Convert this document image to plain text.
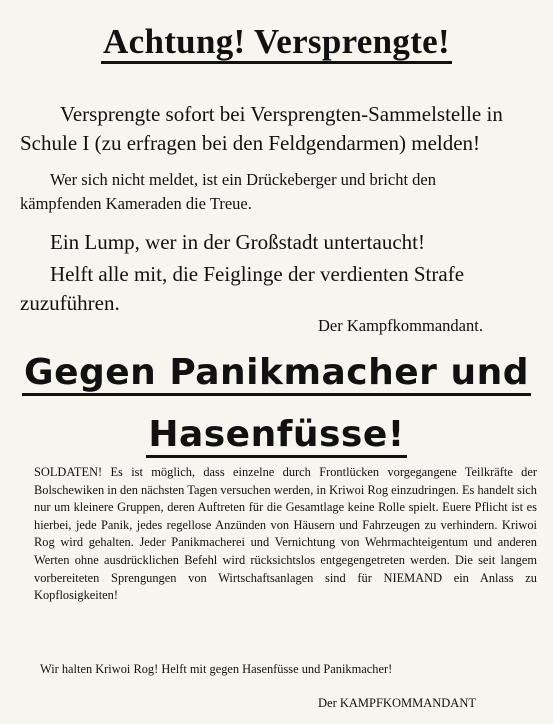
Achtung! Versprengte!
Versprengte sofort bei Versprengten-Sammelstelle in
Schule I (zu erfragen bei den Feldgendarmen) melden!
Wer sich nicht meldet, ist ein Drückeberger und bricht den
kämpfenden Kameraden die Treue.
Ein Lump, wer in der Großstadt untertaucht!
Helft alle mit, die Feiglinge der verdienten Strafe
zuzuführen.
Der Kampfkommandant.
Gegen Panikmacher und
Hasenfüsse!
SOLDATEN! Es ist möglich, dass einzelne durch Frontlücken vorgegangene Teilkräfte der Bolschewiken in den nächsten Tagen versuchen werden, in Kriwoi Rog einzudringen. Es handelt sich nur um kleinere Gruppen, deren Auftreten für die Gesamtlage keine Rolle spielt. Euere Pflicht ist es hierbei, jede Panik, jedes regellose Anzünden von Häusern und Fahrzeugen zu verhindern. Kriwoi Rog wird gehalten. Jeder Panikmacherei und Vernichtung von Wehrmachteigentum und anderen Werten ohne ausdrücklichen Befehl wird rücksichtslos entgegengetreten werden. Die seit langem vorbereiteten Sprengungen von Wirtschaftsanlagen sind für NIEMAND ein Anlass zu Kopflosigkeiten!
Wir halten Kriwoi Rog! Helft mit gegen Hasenfüsse und Panikmacher!
Der KAMPFKOMMANDANT
